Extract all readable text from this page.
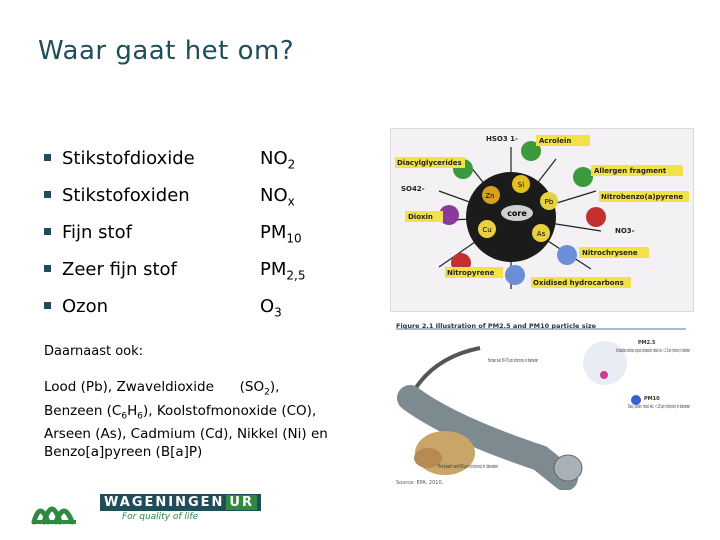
Waar gaat het om?
Stikstofdioxide	$NO_2$
Stikstofoxiden	$NO_x$
Fijn stof	$PM_{10}$
Zeer fijn stof	$PM_{2,5}$
Ozon	$O_3$
Daarnaast ook:
Lood (Pb), Zwaveldioxide $(SO_2)$,
Benzeen $(C_6H_6)$, Koolstofmonoxide (CO),
Arseen (As), Cadmium (Cd), Nikkel (Ni) en
Benzo[a]pyreen (B[a]P)
WAGENINGEN UR
For quality of life
Zn
Si
Pb
Cu	As
core
HSO3 1-	Acrolein
Diacylglycerides
Allergen fragment
SO42-
Nitrobenzo(a)pyrene
Dioxin
NO3-
Nitrochrysene
Nitropyrene
Oxidised hydrocarbons
Figure 2.1 Illustration of PM2.5 and PM10 particle size
PM2.5
Combustion particles, organic compounds, metals, etc. < 2.5 µm (microns) in diameter
Human hair 50–70 µm (microns) in diameter
PM10
Dust, pollen, mold, etc. < 10 µm (microns) in diameter
Fine beach sand 90 µm (microns) in diameter
Source: EPA, 2010.
